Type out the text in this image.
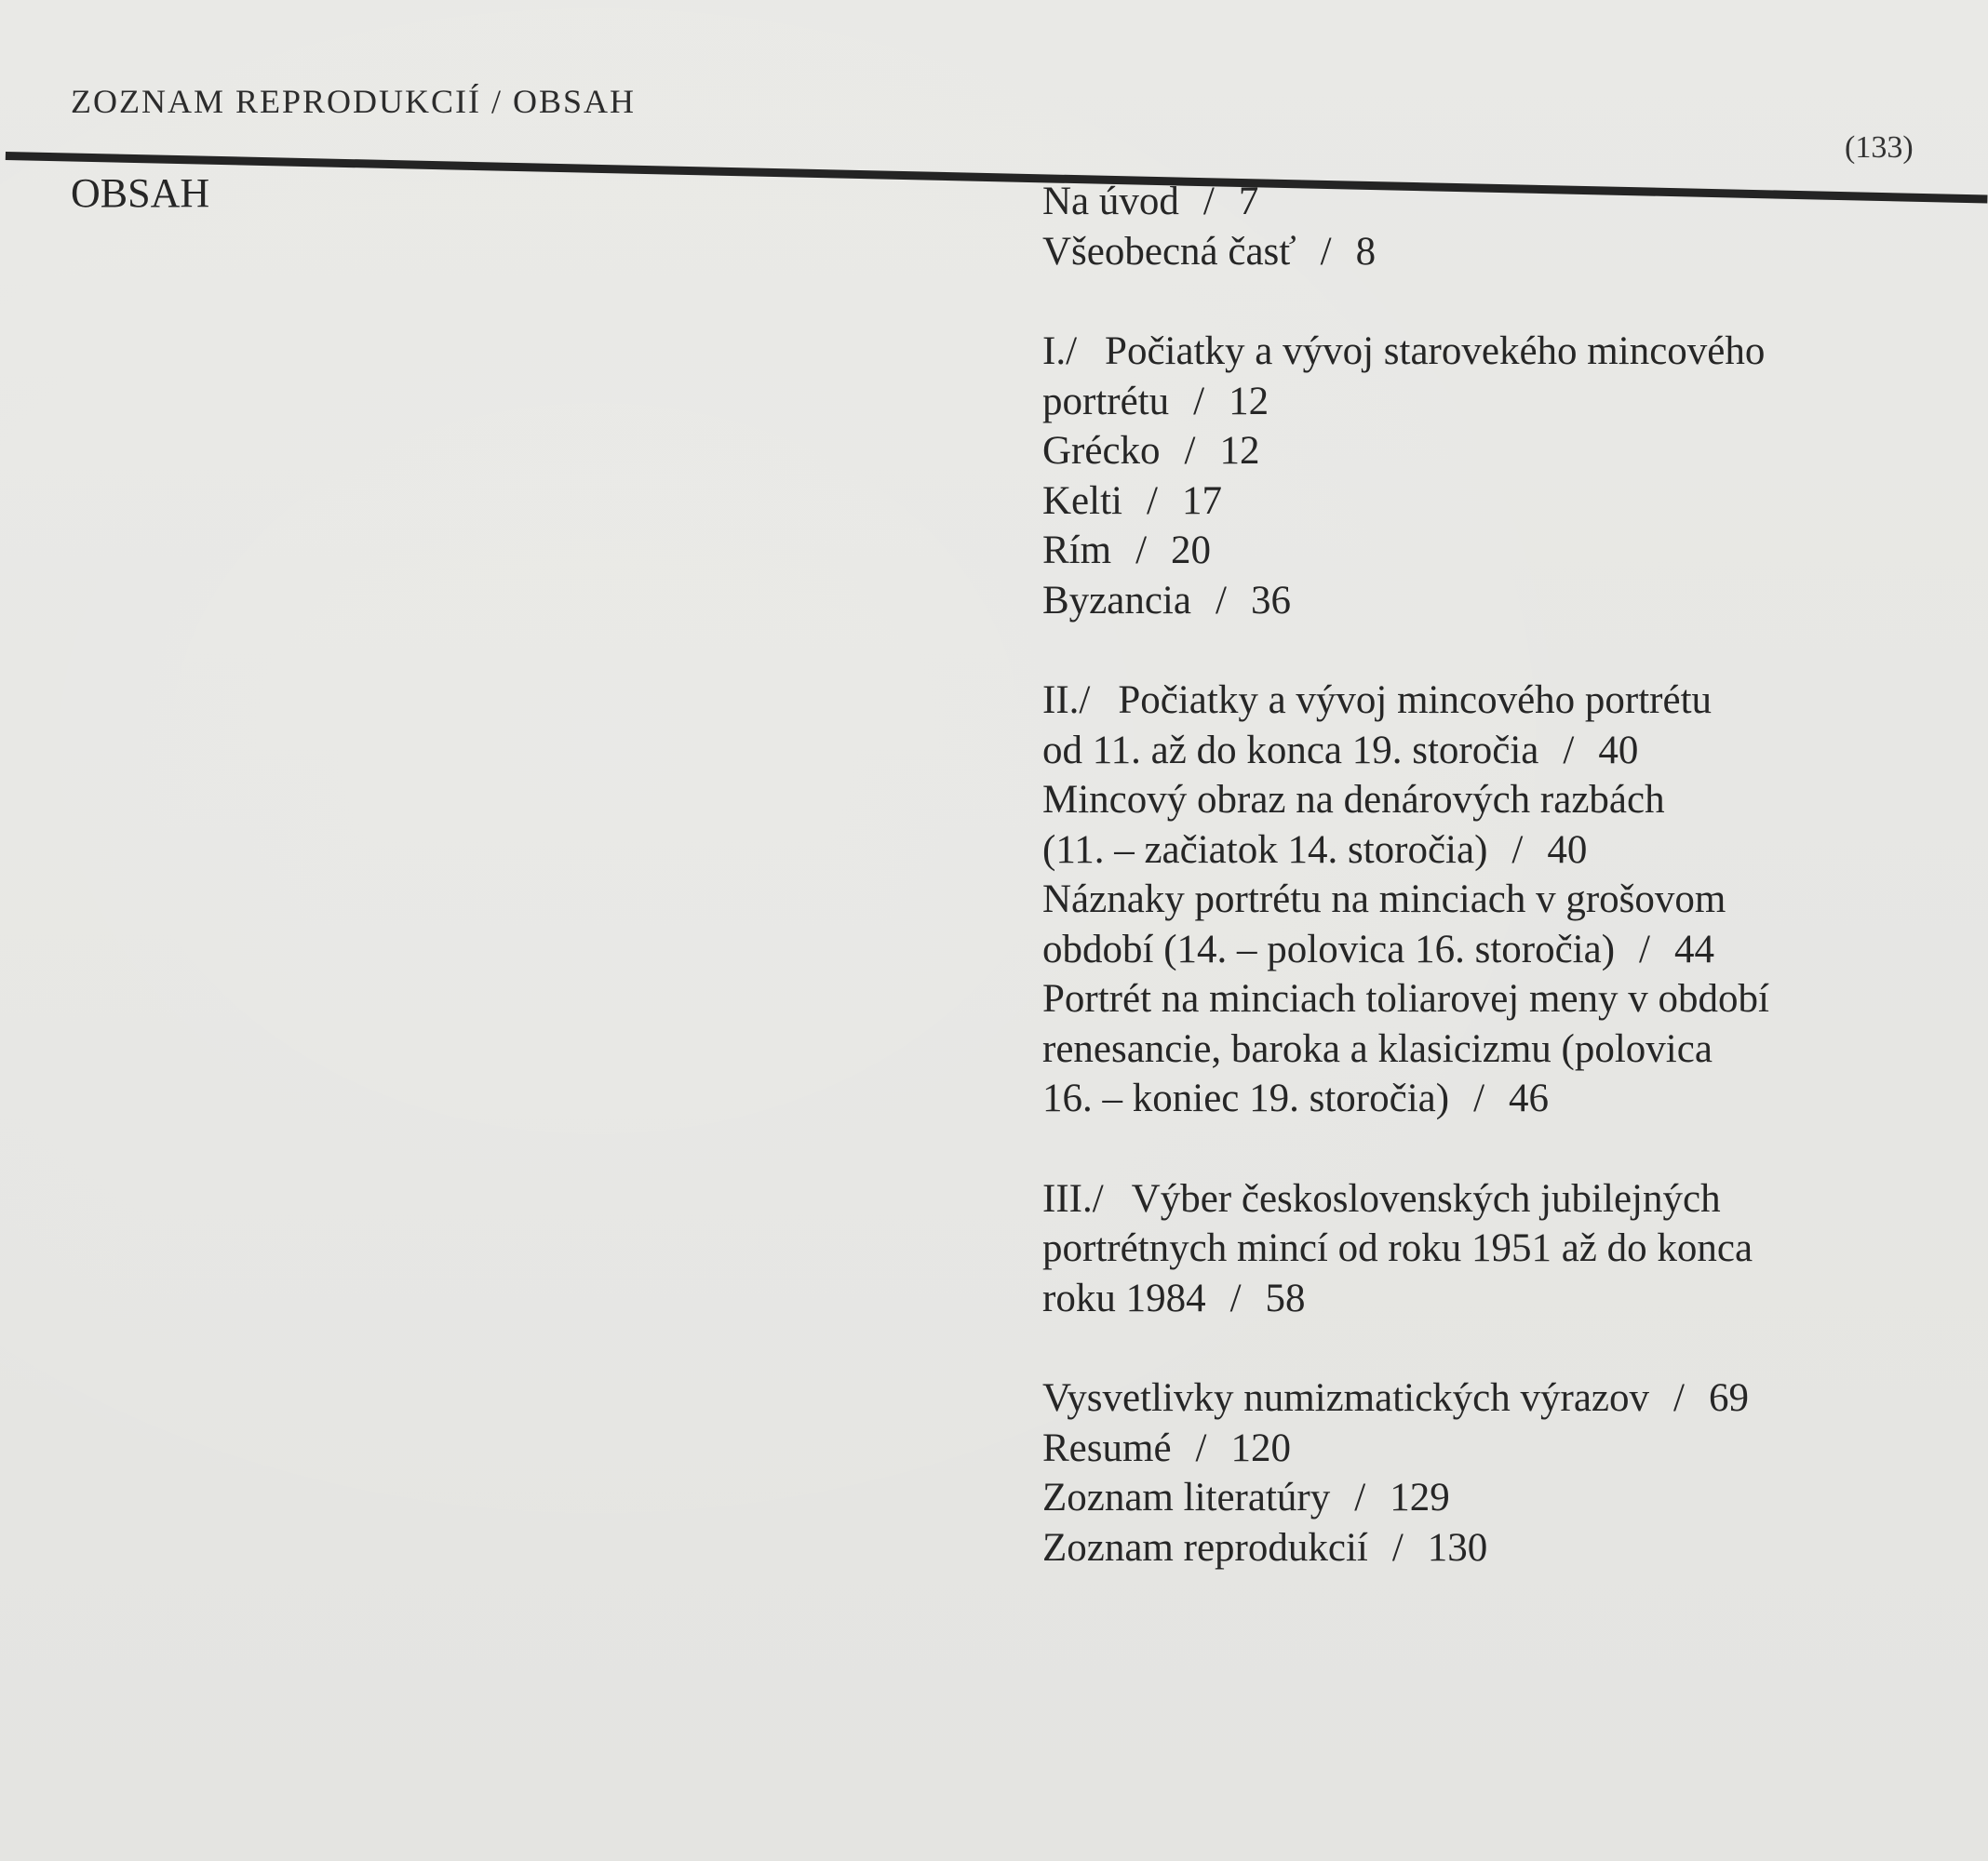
ZOZNAM REPRODUKCIÍ / OBSAH
(133)
OBSAH	Na úvod / 7
Všeobecná časť / 8
I./ Počiatky a vývoj starovekého mincového
portrétu / 12
Grécko / 12
Kelti / 17
Rím / 20
Byzancia / 36
II./ Počiatky a vývoj mincového portrétu
od 11. až do konca 19. storočia / 40
Mincový obraz na denárových razbách
(11. – začiatok 14. storočia) / 40
Náznaky portrétu na minciach v grošovom
období (14. – polovica 16. storočia) / 44
Portrét na minciach toliarovej meny v období
renesancie, baroka a klasicizmu (polovica
16. – koniec 19. storočia) / 46
III./ Výber československých jubilejných
portrétnych mincí od roku 1951 až do konca
roku 1984 / 58
Vysvetlivky numizmatických výrazov / 69
Resumé / 120
Zoznam literatúry / 129
Zoznam reprodukcií / 130
